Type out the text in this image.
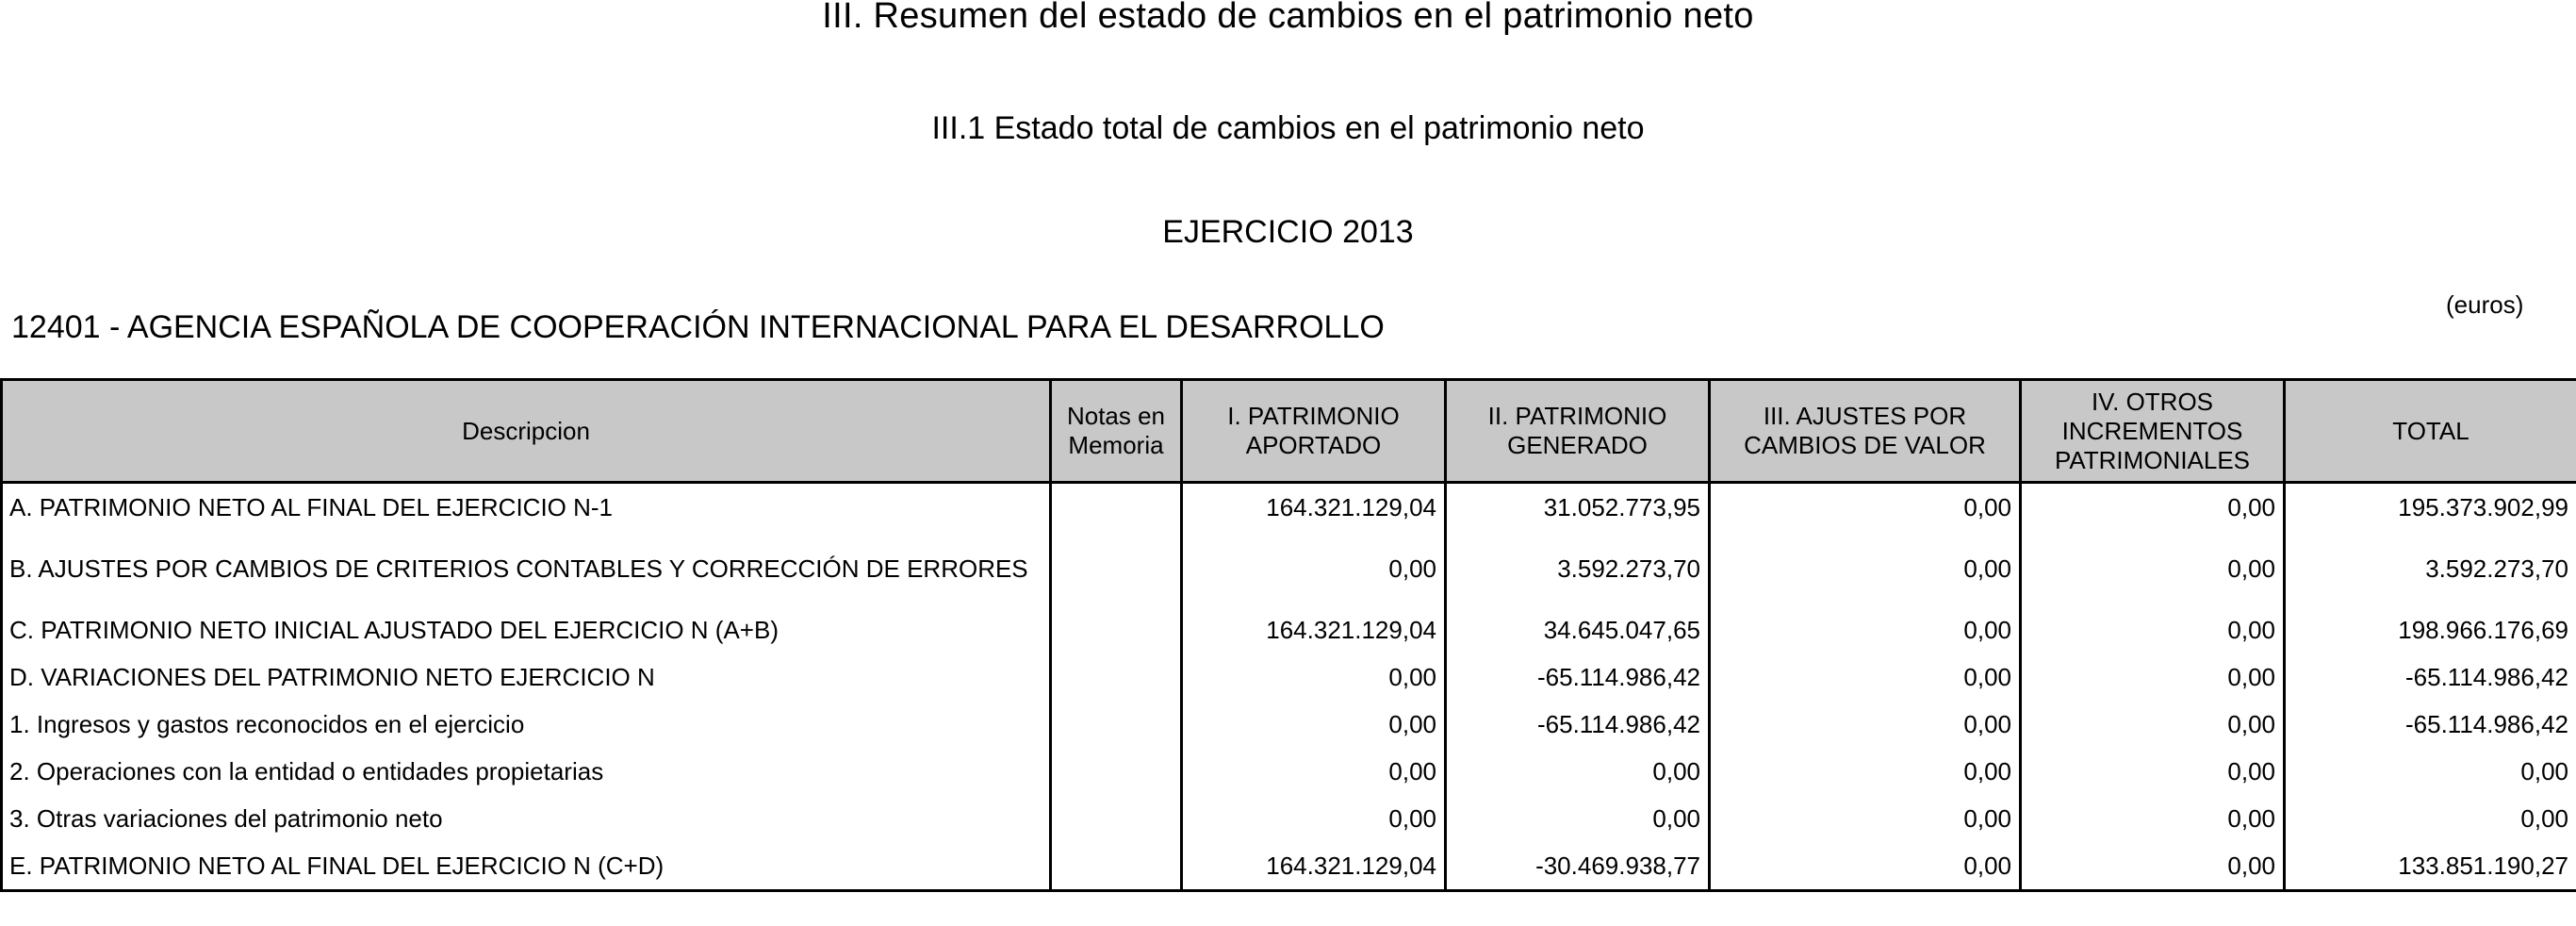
III. Resumen del estado de cambios en el patrimonio neto
III.1 Estado total de cambios en el patrimonio neto
EJERCICIO 2013
12401 - AGENCIA ESPAÑOLA DE COOPERACIÓN INTERNACIONAL PARA EL DESARROLLO
(euros)
Descripcion	Notas en Memoria	I. PATRIMONIO APORTADO	II. PATRIMONIO GENERADO	III. AJUSTES POR CAMBIOS DE VALOR	IV. OTROS INCREMENTOS PATRIMONIALES	TOTAL
A. PATRIMONIO NETO AL FINAL DEL EJERCICIO N-1		164.321.129,04	31.052.773,95	0,00	0,00	195.373.902,99
B. AJUSTES POR CAMBIOS DE CRITERIOS CONTABLES Y CORRECCIÓN DE ERRORES		0,00	3.592.273,70	0,00	0,00	3.592.273,70
C. PATRIMONIO NETO INICIAL AJUSTADO DEL EJERCICIO N (A+B)		164.321.129,04	34.645.047,65	0,00	0,00	198.966.176,69
D. VARIACIONES DEL PATRIMONIO NETO EJERCICIO N		0,00	-65.114.986,42	0,00	0,00	-65.114.986,42
1. Ingresos y gastos reconocidos en el ejercicio		0,00	-65.114.986,42	0,00	0,00	-65.114.986,42
2. Operaciones con la entidad o entidades propietarias		0,00	0,00	0,00	0,00	0,00
3. Otras variaciones del patrimonio neto		0,00	0,00	0,00	0,00	0,00
E. PATRIMONIO NETO AL FINAL DEL EJERCICIO N (C+D)		164.321.129,04	-30.469.938,77	0,00	0,00	133.851.190,27
